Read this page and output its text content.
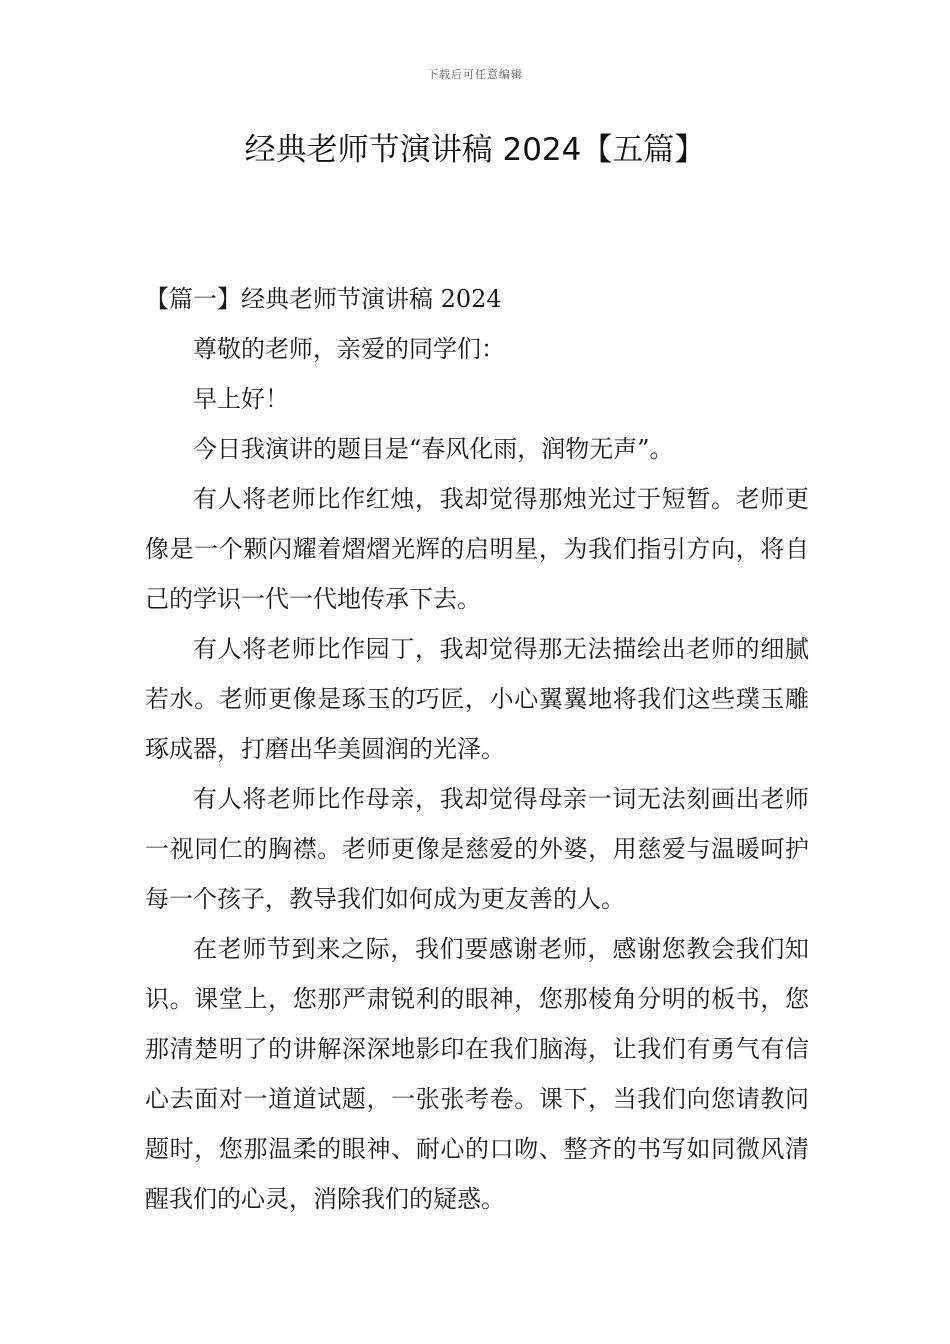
下载后可任意编辑
经典老师节演讲稿 2024【五篇】

【篇一】经典老师节演讲稿 2024

尊敬的老师，亲爱的同学们：

早上好！

今日我演讲的题目是“春风化雨，润物无声”。

有人将老师比作红烛，我却觉得那烛光过于短暂。老师更像是一个颗闪耀着熠熠光辉的启明星，为我们指引方向，将自己的学识一代一代地传承下去。

有人将老师比作园丁，我却觉得那无法描绘出老师的细腻若水。老师更像是琢玉的巧匠，小心翼翼地将我们这些璞玉雕琢成器，打磨出华美圆润的光泽。

有人将老师比作母亲，我却觉得母亲一词无法刻画出老师一视同仁的胸襟。老师更像是慈爱的外婆，用慈爱与温暖呵护每一个孩子，教导我们如何成为更友善的人。

在老师节到来之际，我们要感谢老师，感谢您教会我们知识。课堂上，您那严肃锐利的眼神，您那棱角分明的板书，您那清楚明了的讲解深深地影印在我们脑海，让我们有勇气有信心去面对一道道试题，一张张考卷。课下，当我们向您请教问题时，您那温柔的眼神、耐心的口吻、整齐的书写如同微风清醒我们的心灵，消除我们的疑惑。
